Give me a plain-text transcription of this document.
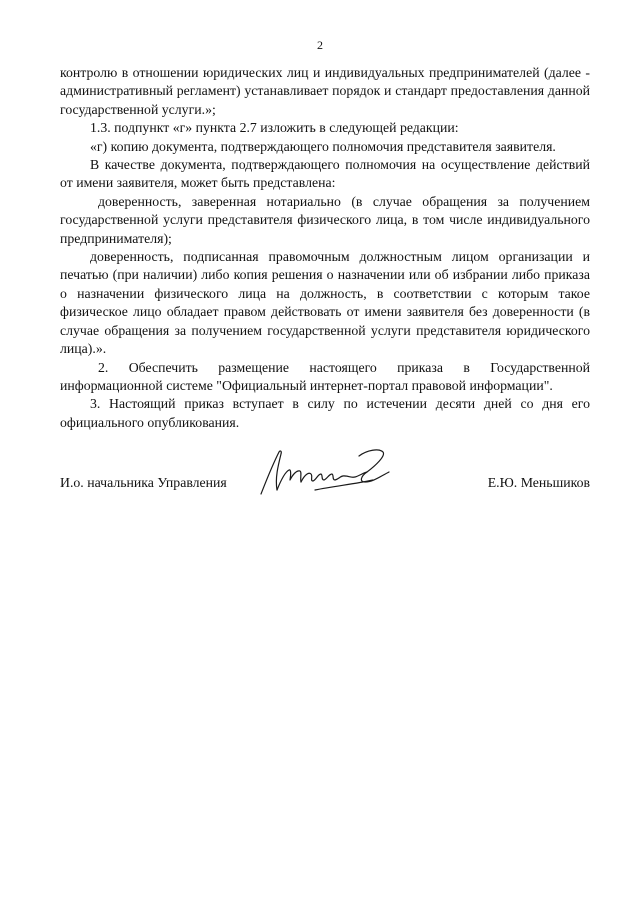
2

контролю в отношении юридических лиц и индивидуальных предпринимателей (далее - административный регламент) устанавливает порядок и стандарт предоставления данной государственной услуги.»;

1.3. подпункт «г» пункта 2.7 изложить в следующей редакции:

«г) копию документа, подтверждающего полномочия представителя заявителя.

В качестве документа, подтверждающего полномочия на осуществление действий от имени заявителя, может быть представлена:

доверенность, заверенная нотариально (в случае обращения за получением государственной услуги представителя физического лица, в том числе индивидуального предпринимателя);

доверенность, подписанная правомочным должностным лицом организации и печатью (при наличии) либо копия решения о назначении или об избрании либо приказа о назначении физического лица на должность, в соответствии с которым такое физическое лицо обладает правом действовать от имени заявителя без доверенности (в случае обращения за получением государственной услуги представителя юридического лица).».

2. Обеспечить размещение настоящего приказа в Государственной информационной системе "Официальный интернет-портал правовой информации".

3. Настоящий приказ вступает в силу по истечении десяти дней со дня его официального опубликования.

И.о. начальника Управления	Е.Ю. Меньшиков
